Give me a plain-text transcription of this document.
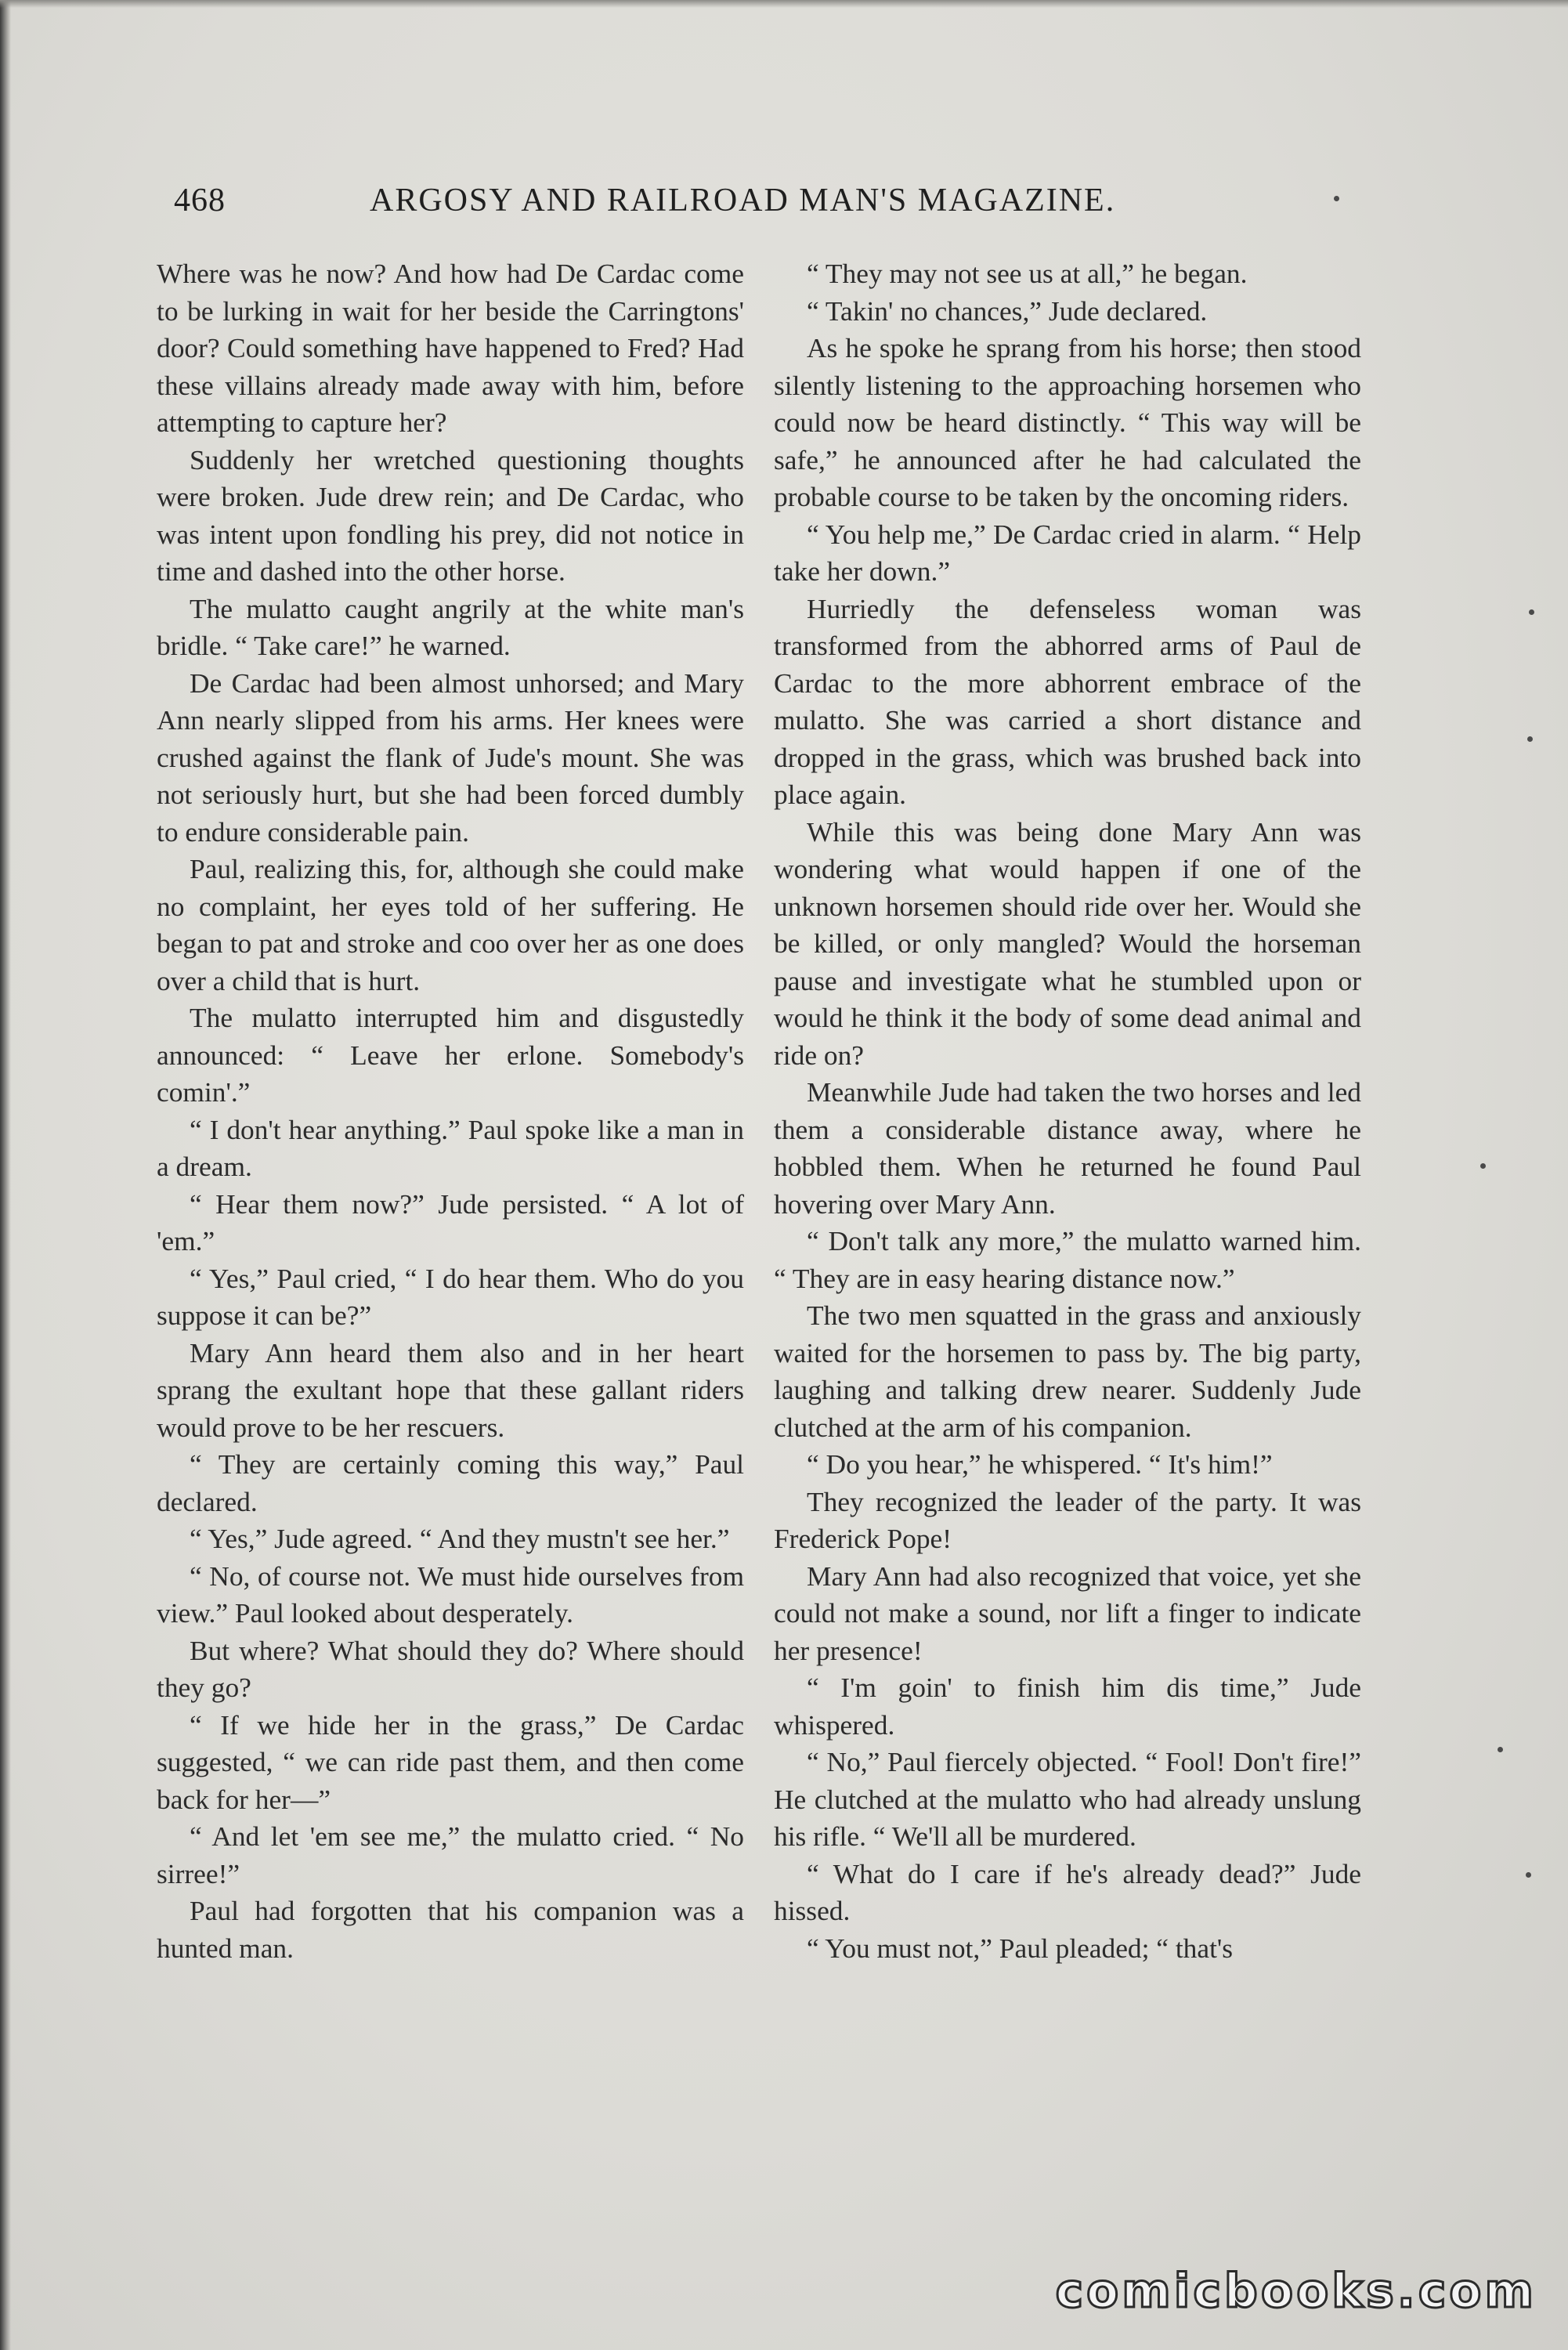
468	ARGOSY AND RAILROAD MAN'S MAGAZINE.

Where was he now? And how had De Cardac come to be lurking in wait for her beside the Carringtons' door? Could something have happened to Fred? Had these villains already made away with him, before attempting to capture her?

Suddenly her wretched questioning thoughts were broken. Jude drew rein; and De Cardac, who was intent upon fondling his prey, did not notice in time and dashed into the other horse.

The mulatto caught angrily at the white man's bridle. “ Take care!” he warned.

De Cardac had been almost unhorsed; and Mary Ann nearly slipped from his arms. Her knees were crushed against the flank of Jude's mount. She was not seriously hurt, but she had been forced dumbly to endure considerable pain.

Paul, realizing this, for, although she could make no complaint, her eyes told of her suffering. He began to pat and stroke and coo over her as one does over a child that is hurt.

The mulatto interrupted him and disgustedly announced: “ Leave her erlone. Somebody's comin'.”

“ I don't hear anything.” Paul spoke like a man in a dream.

“ Hear them now?” Jude persisted. “ A lot of 'em.”

“ Yes,” Paul cried, “ I do hear them. Who do you suppose it can be?”

Mary Ann heard them also and in her heart sprang the exultant hope that these gallant riders would prove to be her rescuers.

“ They are certainly coming this way,” Paul declared.

“ Yes,” Jude agreed. “ And they mustn't see her.”

“ No, of course not. We must hide ourselves from view.” Paul looked about desperately.

But where? What should they do? Where should they go?

“ If we hide her in the grass,” De Cardac suggested, “ we can ride past them, and then come back for her—”

“ And let 'em see me,” the mulatto cried. “ No sirree!”

Paul had forgotten that his companion was a hunted man.

“ They may not see us at all,” he began.

“ Takin' no chances,” Jude declared.

As he spoke he sprang from his horse; then stood silently listening to the approaching horsemen who could now be heard distinctly. “ This way will be safe,” he announced after he had calculated the probable course to be taken by the oncoming riders.

“ You help me,” De Cardac cried in alarm. “ Help take her down.”

Hurriedly the defenseless woman was transformed from the abhorred arms of Paul de Cardac to the more abhorrent embrace of the mulatto. She was carried a short distance and dropped in the grass, which was brushed back into place again.

While this was being done Mary Ann was wondering what would happen if one of the unknown horsemen should ride over her. Would she be killed, or only mangled? Would the horseman pause and investigate what he stumbled upon or would he think it the body of some dead animal and ride on?

Meanwhile Jude had taken the two horses and led them a considerable distance away, where he hobbled them. When he returned he found Paul hovering over Mary Ann.

“ Don't talk any more,” the mulatto warned him. “ They are in easy hearing distance now.”

The two men squatted in the grass and anxiously waited for the horsemen to pass by. The big party, laughing and talking drew nearer. Suddenly Jude clutched at the arm of his companion.

“ Do you hear,” he whispered. “ It's him!”

They recognized the leader of the party. It was Frederick Pope!

Mary Ann had also recognized that voice, yet she could not make a sound, nor lift a finger to indicate her presence!

“ I'm goin' to finish him dis time,” Jude whispered.

“ No,” Paul fiercely objected. “ Fool! Don't fire!” He clutched at the mulatto who had already unslung his rifle. “ We'll all be murdered.

“ What do I care if he's already dead?” Jude hissed.

“ You must not,” Paul pleaded; “ that's

comicbooks.com
